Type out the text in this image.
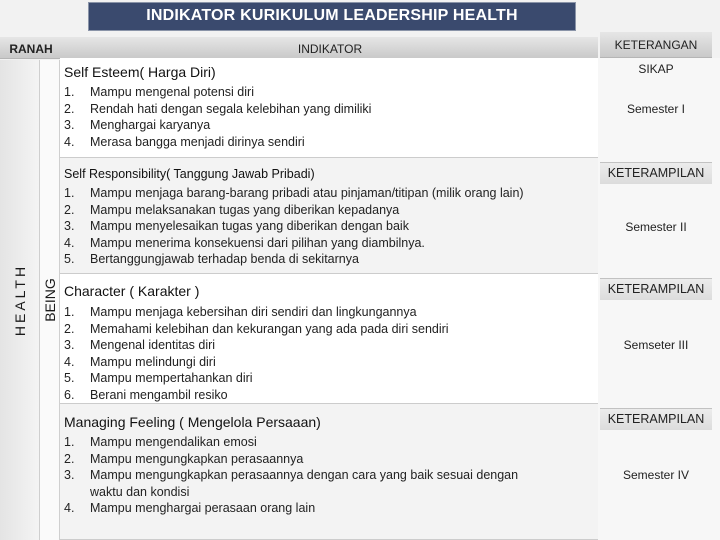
INDIKATOR KURIKULUM LEADERSHIP HEALTH
RANAH	INDIKATOR	KETERANGAN
HEALTH BEING
Self Esteem( Harga Diri)
1.	Mampu mengenal potensi diri
2.	Rendah hati dengan segala kelebihan yang dimiliki
3.	Menghargai karyanya
4.	Merasa bangga menjadi dirinya sendiri
SIKAP
Semester I
Self Responsibility( Tanggung Jawab Pribadi)
1.	Mampu menjaga barang-barang pribadi atau pinjaman/titipan (milik orang lain)
2.	Mampu melaksanakan tugas yang diberikan kepadanya
3.	Mampu menyelesaikan tugas yang diberikan dengan baik
4.	Mampu menerima konsekuensi dari pilihan yang diambilnya.
5.	Bertanggungjawab terhadap benda di sekitarnya
KETERAMPILAN
Semester II
Character ( Karakter )
1.	Mampu menjaga kebersihan diri sendiri dan lingkungannya
2.	Memahami kelebihan dan kekurangan yang ada pada diri sendiri
3.	Mengenal identitas diri
4.	Mampu melindungi diri
5.	Mampu mempertahankan diri
6.	Berani mengambil resiko
KETERAMPILAN
Semseter III
Managing Feeling ( Mengelola Persaaan)
1.	Mampu mengendalikan emosi
2.	Mampu mengungkapkan perasaannya
3.	Mampu mengungkapkan perasaannya dengan cara yang baik sesuai dengan waktu dan kondisi
4.	Mampu menghargai perasaan orang lain
KETERAMPILAN
Semester IV
